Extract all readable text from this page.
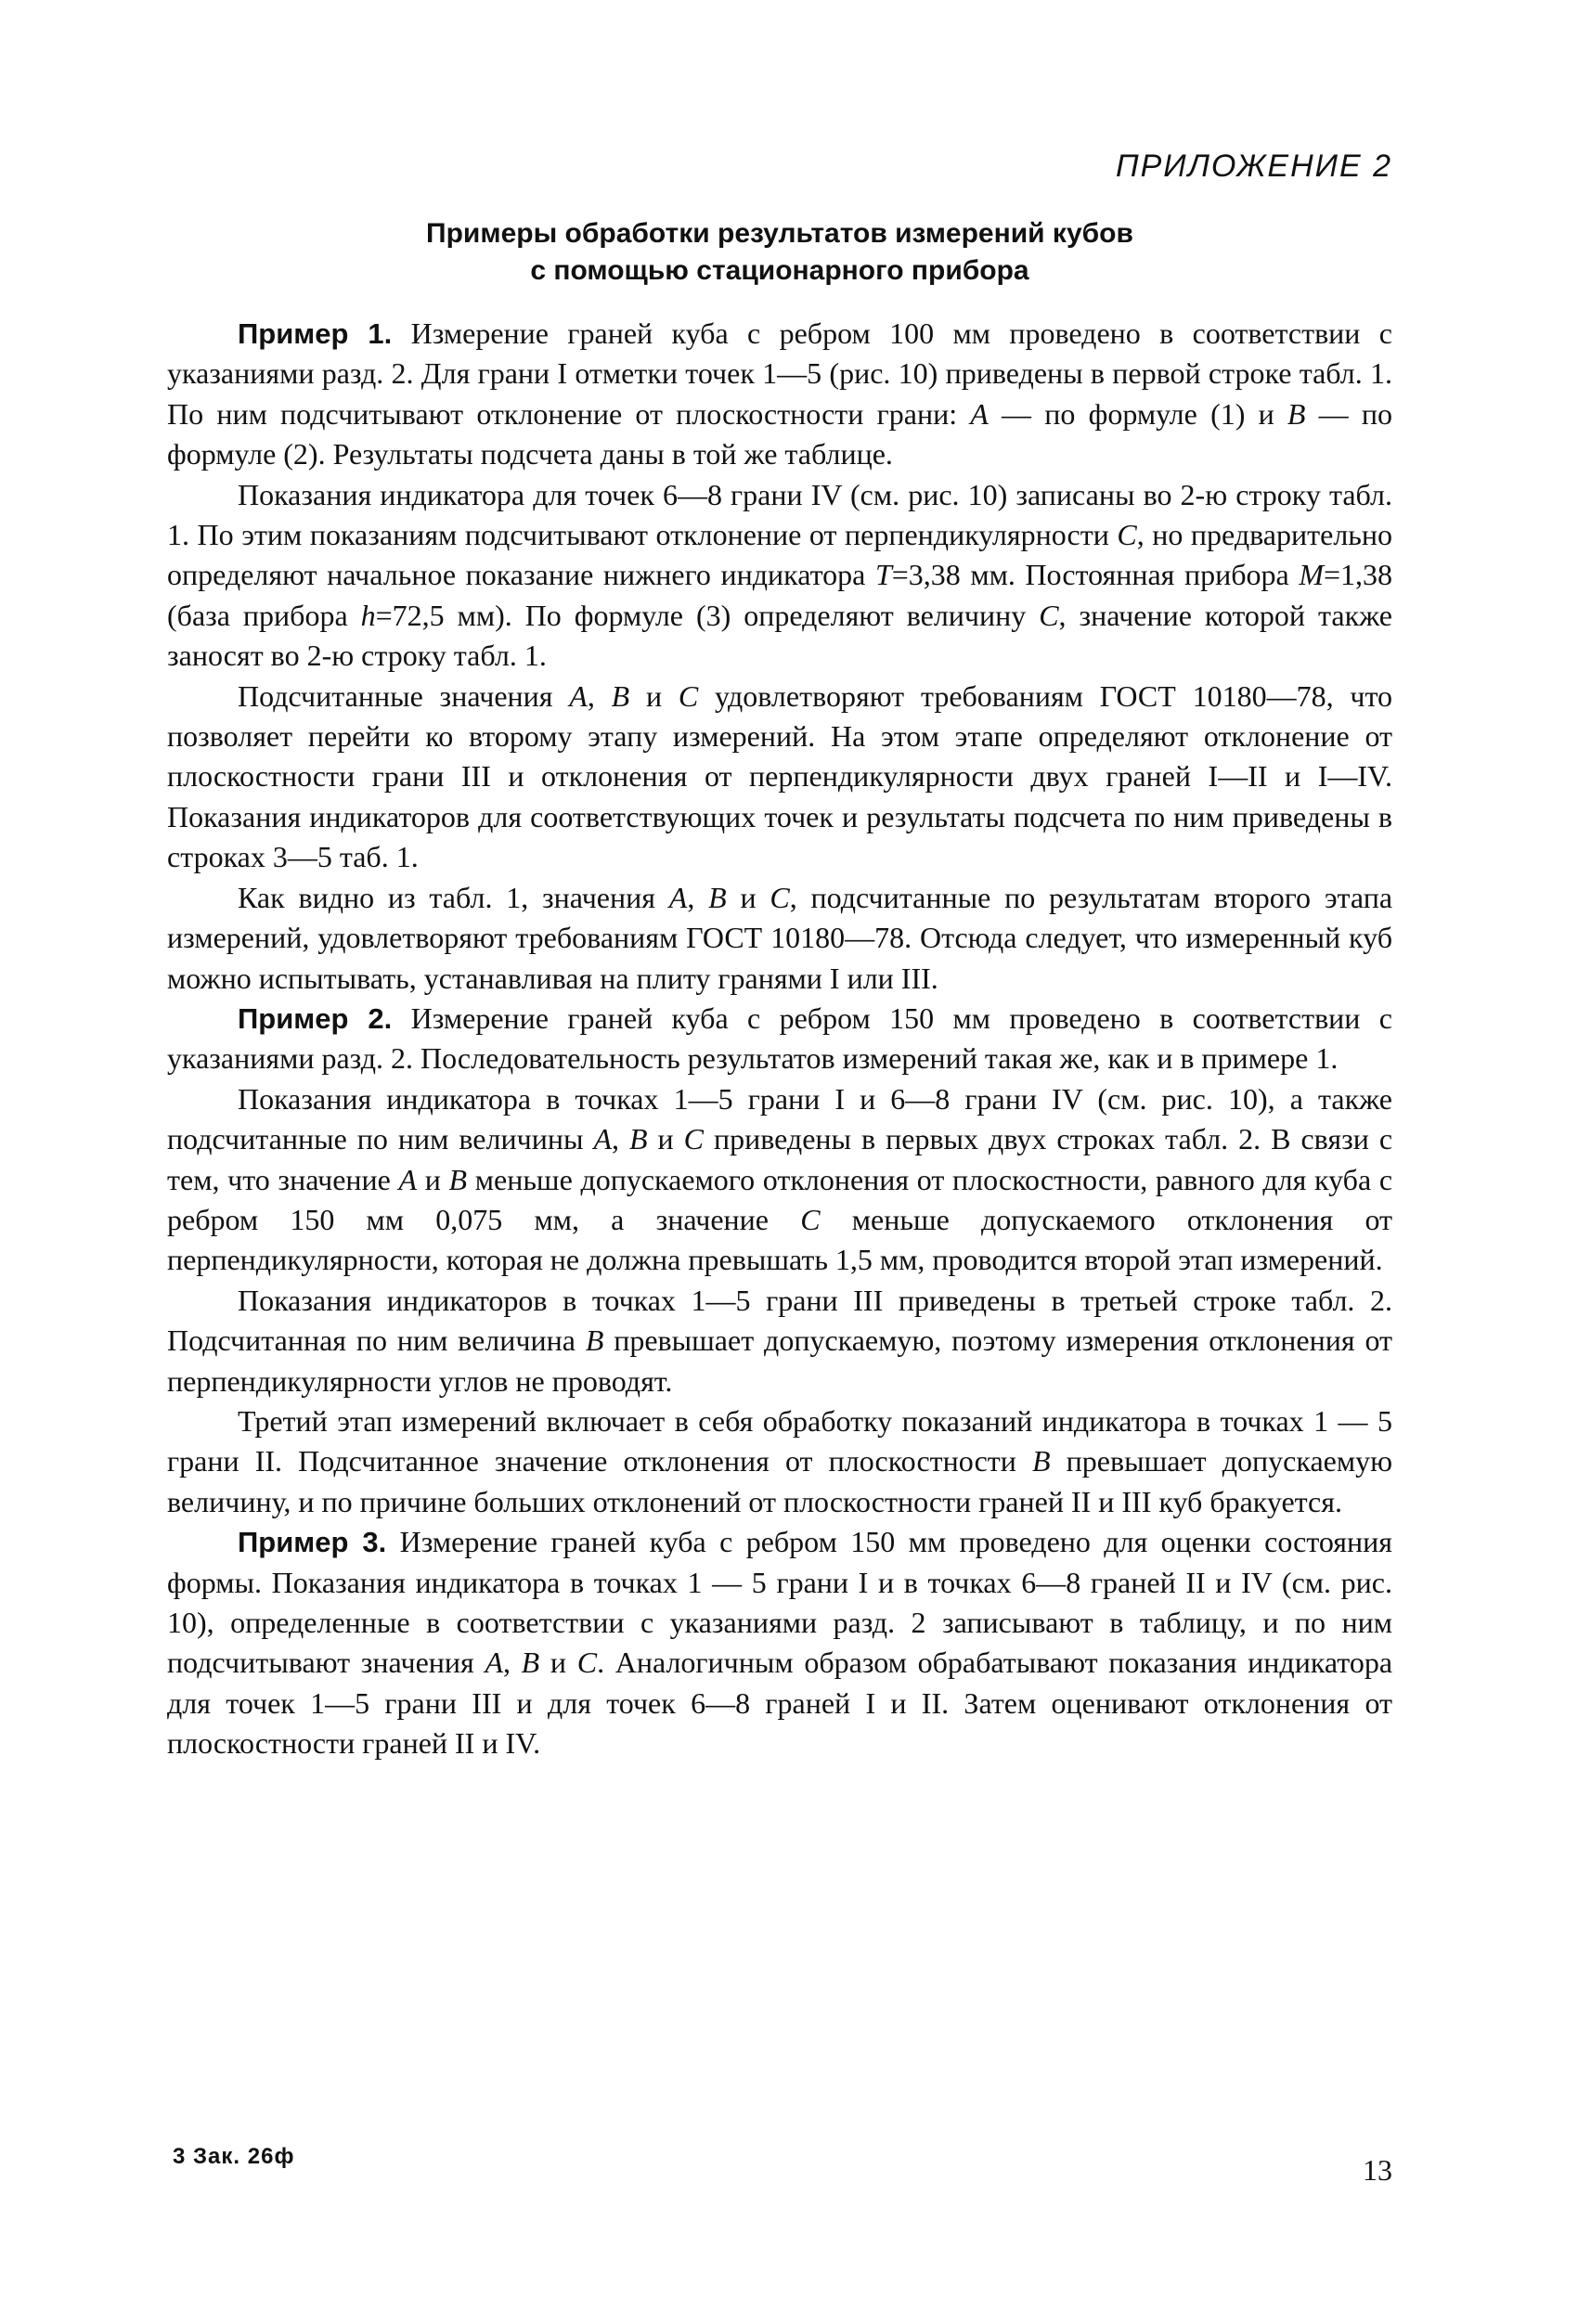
ПРИЛОЖЕНИЕ 2
Примеры обработки результатов измерений кубов
с помощью стационарного прибора

Пример 1. Измерение граней куба с ребром 100 мм проведено в соответствии с указаниями разд. 2. Для грани I отметки точек 1—5 (рис. 10) приведены в первой строке табл. 1. По ним подсчитывают отклонение от плоскостности грани: А — по формуле (1) и В — по формуле (2). Результаты подсчета даны в той же таблице.

Показания индикатора для точек 6—8 грани IV (см. рис. 10) записаны во 2-ю строку табл. 1. По этим показаниям подсчитывают отклонение от перпендикулярности С, но предварительно определяют начальное показание нижнего индикатора T=3,38 мм. Постоянная прибора М=1,38 (база прибора h=72,5 мм). По формуле (3) определяют величину С, значение которой также заносят во 2-ю строку табл. 1.

Подсчитанные значения А, В и С удовлетворяют требованиям ГОСТ 10180—78, что позволяет перейти ко второму этапу измерений. На этом этапе определяют отклонение от плоскостности грани III и отклонения от перпендикулярности двух граней I—II и I—IV. Показания индикаторов для соответствующих точек и результаты подсчета по ним приведены в строках 3—5 таб. 1.

Как видно из табл. 1, значения А, В и С, подсчитанные по результатам второго этапа измерений, удовлетворяют требованиям ГОСТ 10180—78. Отсюда следует, что измеренный куб можно испытывать, устанавливая на плиту гранями I или III.

Пример 2. Измерение граней куба с ребром 150 мм проведено в соответствии с указаниями разд. 2. Последовательность результатов измерений такая же, как и в примере 1.

Показания индикатора в точках 1—5 грани I и 6—8 грани IV (см. рис. 10), а также подсчитанные по ним величины А, В и С приведены в первых двух строках табл. 2. В связи с тем, что значение А и В меньше допускаемого отклонения от плоскостности, равного для куба с ребром 150 мм 0,075 мм, а значение С меньше допускаемого отклонения от перпендикулярности, которая не должна превышать 1,5 мм, проводится второй этап измерений.

Показания индикаторов в точках 1—5 грани III приведены в третьей строке табл. 2. Подсчитанная по ним величина В превышает допускаемую, поэтому измерения отклонения от перпендикулярности углов не проводят.

Третий этап измерений включает в себя обработку показаний индикатора в точках 1 — 5 грани II. Подсчитанное значение отклонения от плоскостности В превышает допускаемую величину, и по причине больших отклонений от плоскостности граней II и III куб бракуется.

Пример 3. Измерение граней куба с ребром 150 мм проведено для оценки состояния формы. Показания индикатора в точках 1 — 5 грани I и в точках 6—8 граней II и IV (см. рис. 10), определенные в соответствии с указаниями разд. 2 записывают в таблицу, и по ним подсчитывают значения А, В и С. Аналогичным образом обрабатывают показания индикатора для точек 1—5 грани III и для точек 6—8 граней I и II. Затем оценивают отклонения от плоскостности граней II и IV.

3 Зак. 26ф	13
